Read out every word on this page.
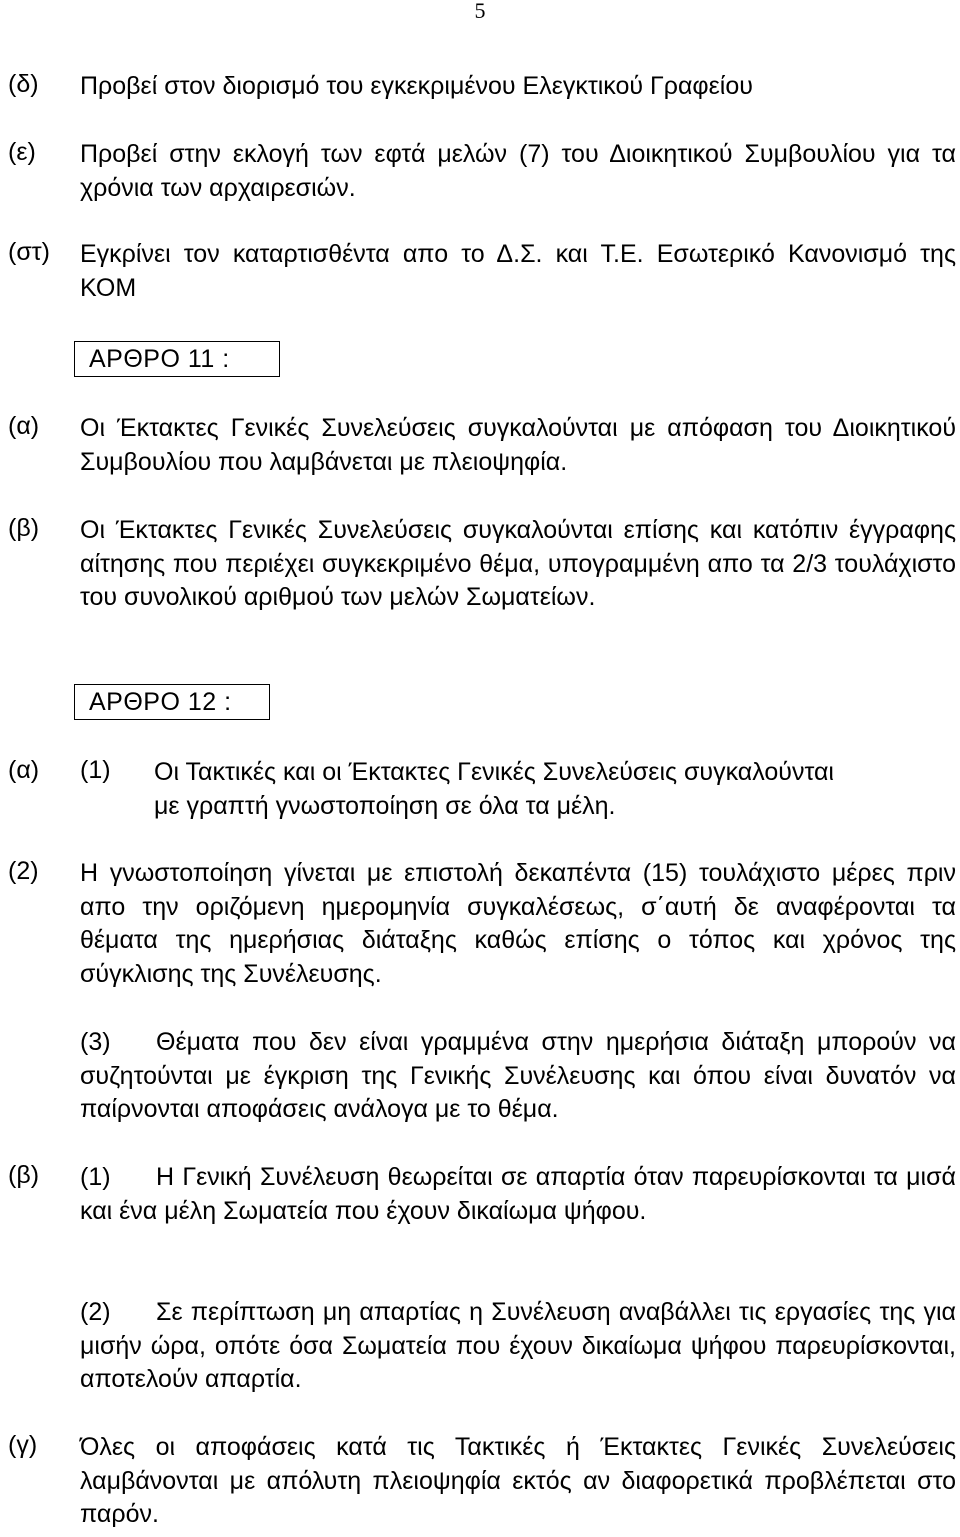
5
(δ) Προβεί στον διορισμό του εγκεκριμένου Ελεγκτικού Γραφείου
(ε) Προβεί στην εκλογή των εφτά μελών (7) του Διοικητικού Συμβουλίου για τα χρόνια των αρχαιρεσιών.
(στ) Εγκρίνει τον καταρτισθέντα απο το Δ.Σ. και Τ.Ε. Εσωτερικό Κανονισμό της ΚΟΜ
ΑΡΘΡΟ 11 :
(α) Οι Έκτακτες Γενικές Συνελεύσεις συγκαλούνται με απόφαση του Διοικητικού Συμβουλίου που λαμβάνεται με πλειοψηφία.
(β) Οι Έκτακτες Γενικές Συνελεύσεις συγκαλούνται επίσης και κατόπιν έγγραφης αίτησης που περιέχει συγκεκριμένο θέμα, υπογραμμένη απο τα 2/3 τουλάχιστο του συνολικού αριθμού των μελών Σωματείων.
ΑΡΘΡΟ 12 :
(α) (1) Οι Τακτικές και οι Έκτακτες Γενικές Συνελεύσεις συγκαλούνται με γραπτή γνωστοποίηση σε όλα τα μέλη.
(2) Η γνωστοποίηση γίνεται με επιστολή δεκαπέντα (15) τουλάχιστο μέρες πριν απο την οριζόμενη ημερομηνία συγκαλέσεως, σ΄αυτή δε αναφέρονται τα θέματα της ημερήσιας διάταξης καθώς επίσης ο τόπος και χρόνος της σύγκλισης της Συνέλευσης.
(3) Θέματα που δεν είναι γραμμένα στην ημερήσια διάταξη μπορούν να συζητούνται με έγκριση της Γενικής Συνέλευσης και όπου είναι δυνατόν να παίρνονται αποφάσεις ανάλογα με το θέμα.
(β) (1) Η Γενική Συνέλευση θεωρείται σε απαρτία όταν παρευρίσκονται τα μισά και ένα μέλη Σωματεία που έχουν δικαίωμα ψήφου.
(2) Σε περίπτωση μη απαρτίας η Συνέλευση αναβάλλει τις εργασίες της για μισήν ώρα, οπότε όσα Σωματεία που έχουν δικαίωμα ψήφου παρευρίσκονται, αποτελούν απαρτία.
(γ) Όλες οι αποφάσεις κατά τις Τακτικές ή Έκτακτες Γενικές Συνελεύσεις λαμβάνονται με απόλυτη πλειοψηφία εκτός αν διαφορετικά προβλέπεται στο παρόν.
